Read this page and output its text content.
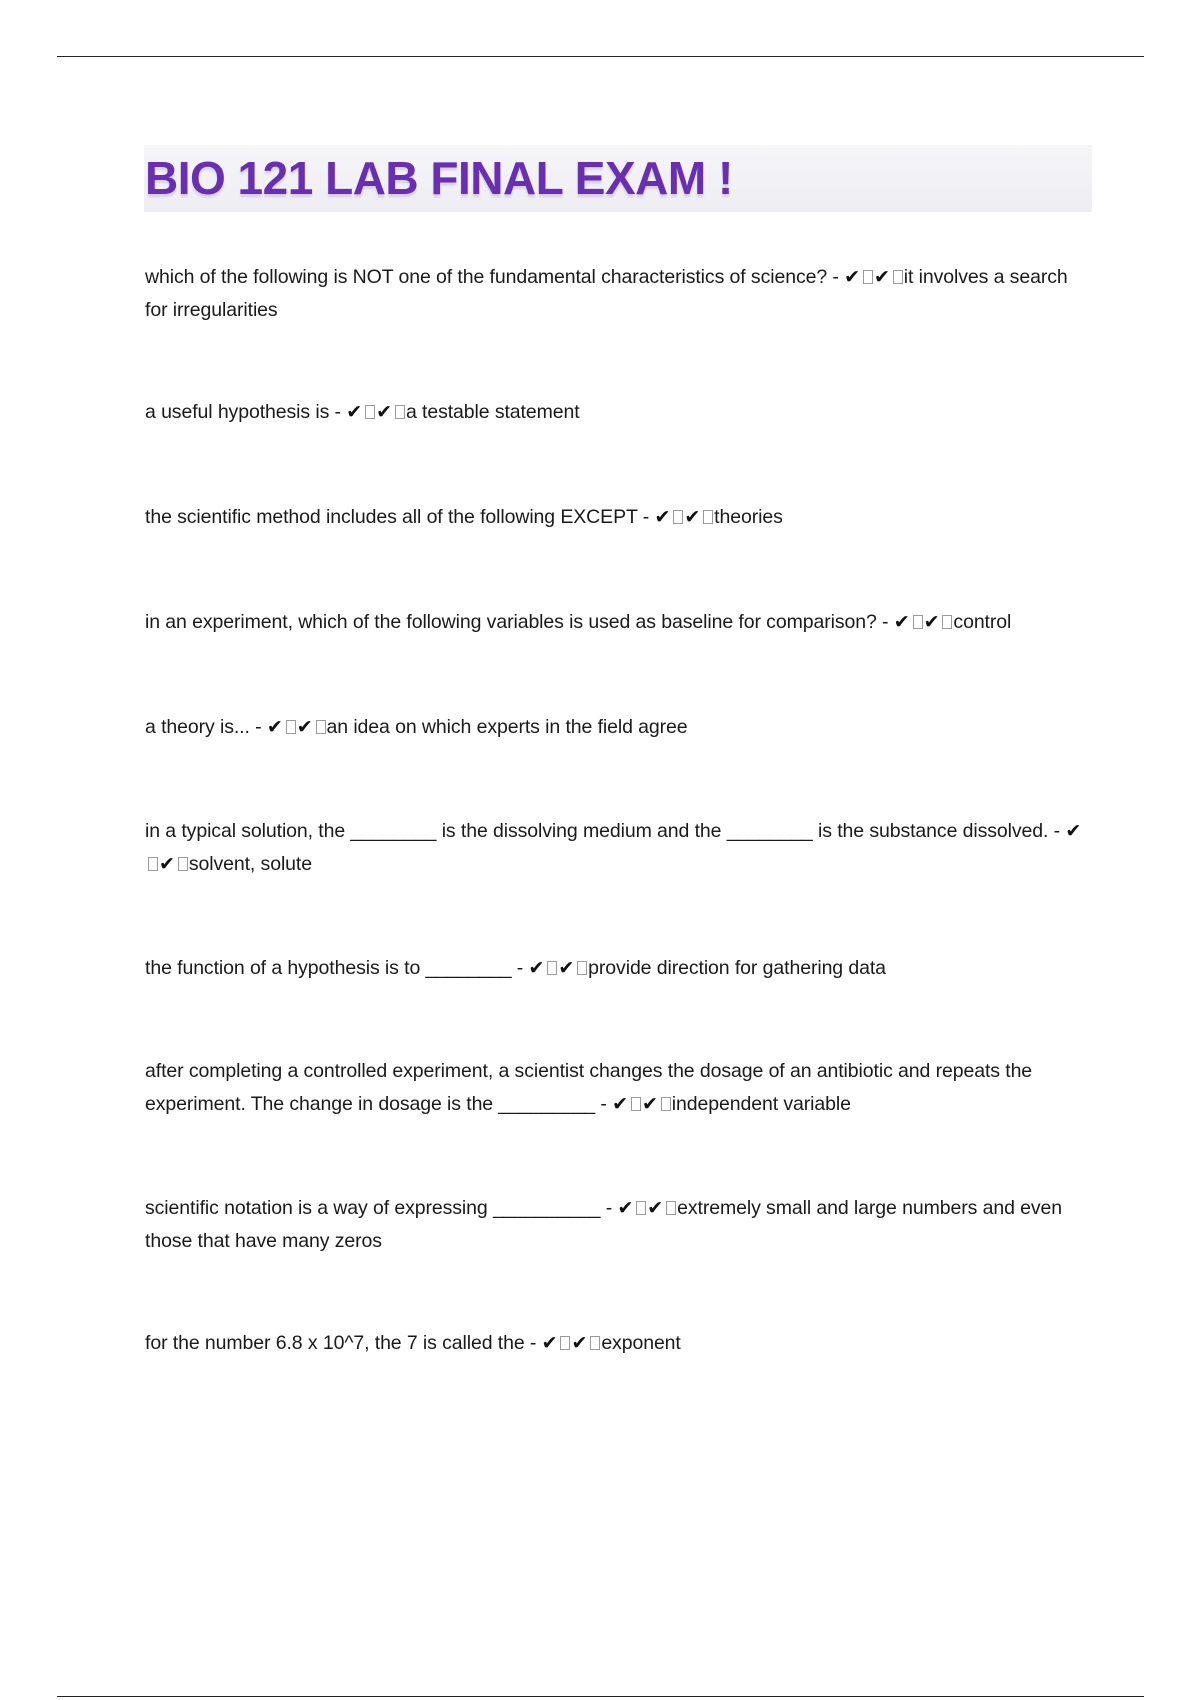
BIO 121 LAB FINAL EXAM !
which of the following is NOT one of the fundamental characteristics of science? - ✔ ✔ it involves a search for irregularities
a useful hypothesis is - ✔ ✔ a testable statement
the scientific method includes all of the following EXCEPT - ✔ ✔ theories
in an experiment, which of the following variables is used as baseline for comparison? - ✔ ✔ control
a theory is... - ✔ ✔ an idea on which experts in the field agree
in a typical solution, the ________ is the dissolving medium and the ________ is the substance dissolved. - ✔✔ solvent, solute
the function of a hypothesis is to ________ - ✔ ✔ provide direction for gathering data
after completing a controlled experiment, a scientist changes the dosage of an antibiotic and repeats the experiment. The change in dosage is the _________ - ✔ ✔ independent variable
scientific notation is a way of expressing __________ - ✔ ✔ extremely small and large numbers and even those that have many zeros
for the number 6.8 x 10^7, the 7 is called the - ✔ ✔ exponent
